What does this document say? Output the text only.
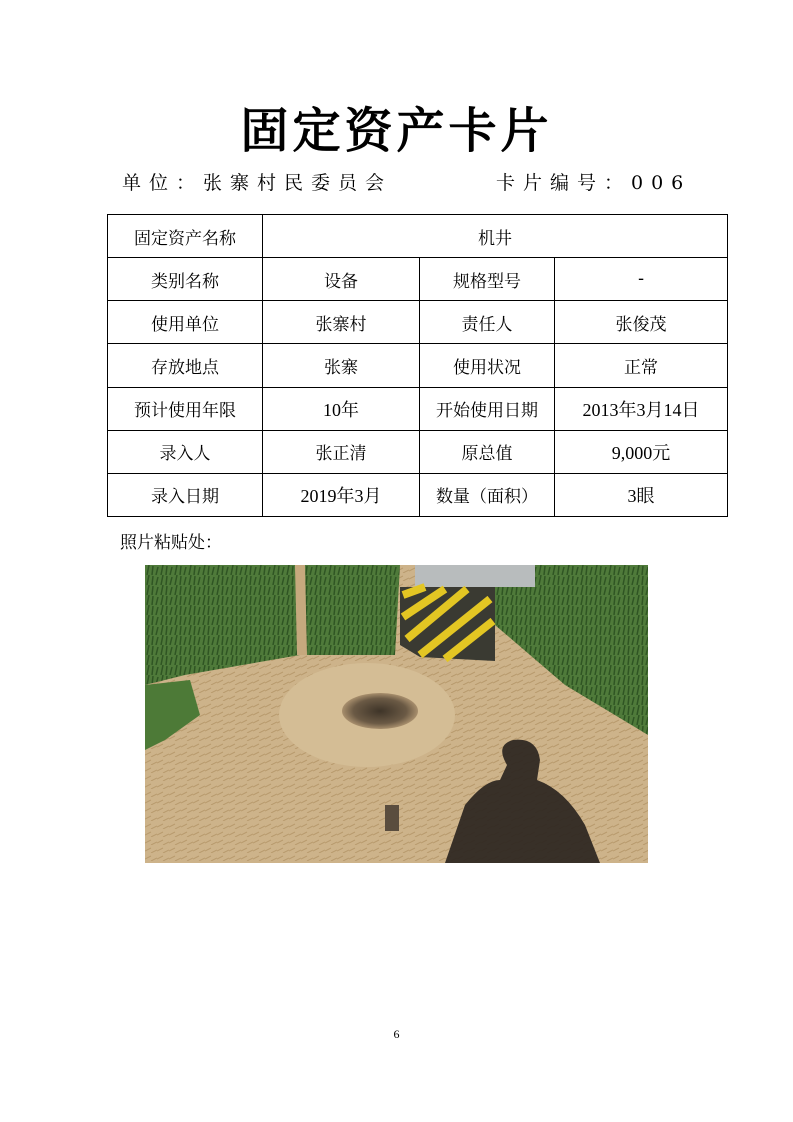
固定资产卡片
单位：张寨村民委员会	卡片编号：006
固定资产名称	机井		
类别名称	设备	规格型号	-
使用单位	张寨村	责任人	张俊茂
存放地点	张寨	使用状况	正常
预计使用年限	10年	开始使用日期	2013年3月14日
录入人	张正清	原总值	9,000元
录入日期	2019年3月	数量（面积）	3眼
照片粘贴处：
6
